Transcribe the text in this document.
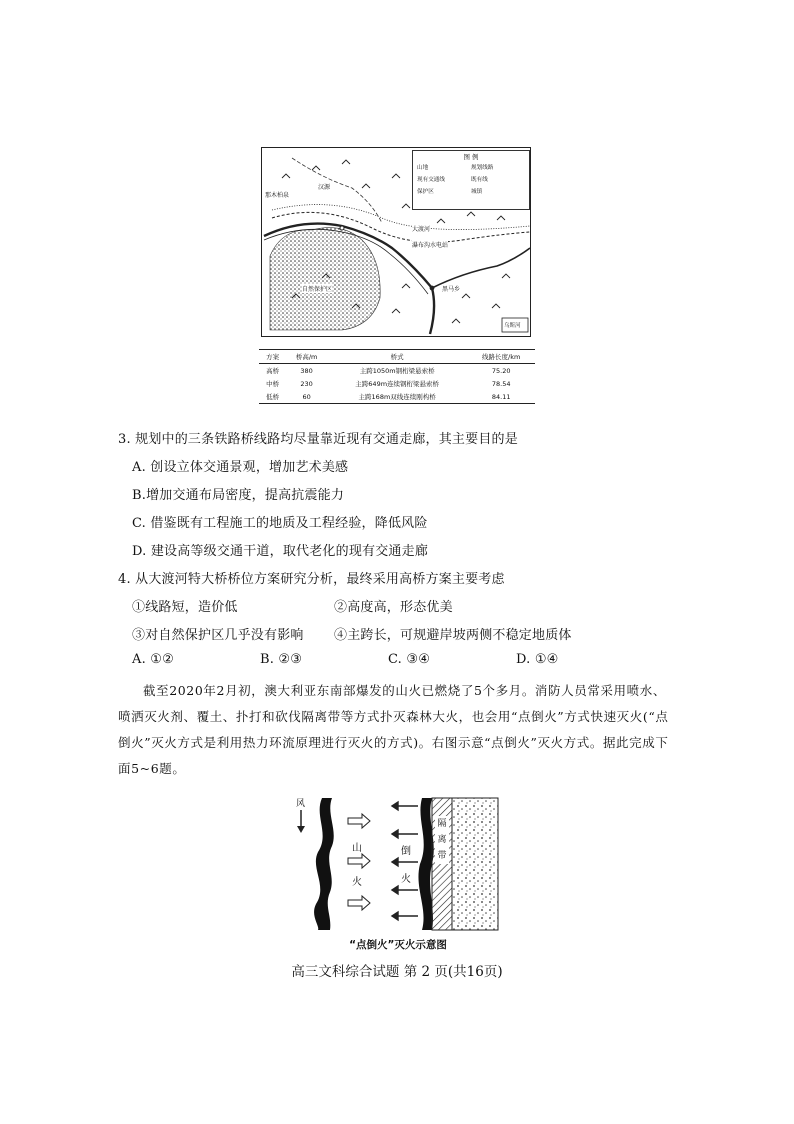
图 例
山地	规划线路
现有交通线	既有线
保护区	城镇
那木柏泉
汉源
大渡河
瀑布沟水电站
自然保护区	黑马乡
乌斯河
方案	桥高/m	桥式	线路长度/km
高桥	380	主跨1050m钢桁梁悬索桥	75.20
中桥	230	主跨649m连续钢桁梁悬索桥	78.54
低桥	60	主跨168m双线连续刚构桥	84.11
3. 规划中的三条铁路桥线路均尽量靠近现有交通走廊，其主要目的是
A. 创设立体交通景观，增加艺术美感
B.增加交通布局密度，提高抗震能力
C. 借鉴既有工程施工的地质及工程经验，降低风险
D. 建设高等级交通干道，取代老化的现有交通走廊
4. 从大渡河特大桥桥位方案研究分析，最终采用高桥方案主要考虑
①线路短，造价低	②高度高，形态优美
③对自然保护区几乎没有影响 ④主跨长，可规避岸坡两侧不稳定地质体
A. ①②	B. ②③	C. ③④	D. ①④
截至2020年2月初，澳大利亚东南部爆发的山火已燃烧了5个多月。消防人员常采用喷水、喷洒灭火剂、覆土、扑打和砍伐隔离带等方式扑灭森林大火，也会用“点倒火”方式快速灭火(“点倒火”灭火方式是利用热力环流原理进行灭火的方式)。右图示意“点倒火”灭火方式。据此完成下面5~6题。
风
山火
倒火
隔离带
“点倒火”灭火示意图
高三文科综合试题 第 2 页(共16页)
